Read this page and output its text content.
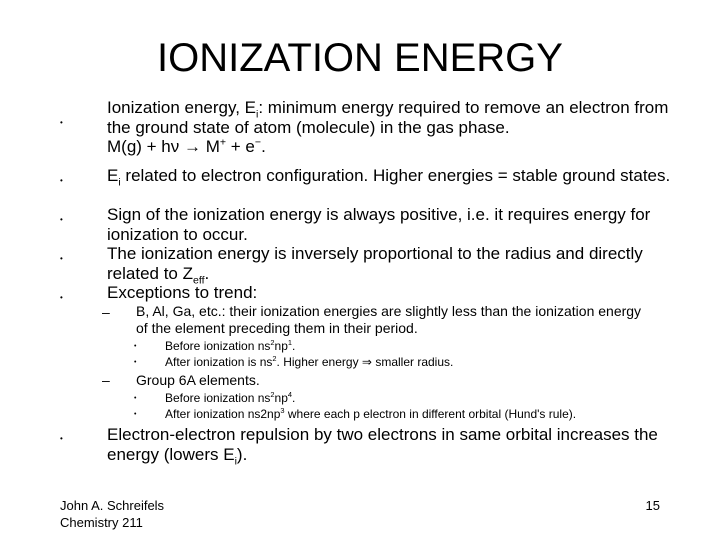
IONIZATION ENERGY
•
Ionization energy, $E_i$: minimum energy required to remove an electron from the ground state of atom (molecule) in the gas phase.
M(g) + hν → M+ + e−.
•	$E_i$ related to electron configuration. Higher energies = stable ground states.
•	Sign of the ionization energy is always positive, i.e. it requires energy for ionization to occur.
•	The ionization energy is inversely proportional to the radius and directly related to $Z_{eff}$.
•	Exceptions to trend:
– B, Al, Ga, etc.: their ionization energies are slightly less than the ionization energy of the element preceding them in their period.
• Before ionization $ns^2np^1$.
• After ionization is $ns^2$. Higher energy ⇒ smaller radius.
– Group 6A elements.
• Before ionization $ns^2np^4$.
• After ionization $ns2np^3$ where each p electron in different orbital (Hund's rule).
•	Electron-electron repulsion by two electrons in same orbital increases the energy (lowers $E_i$).
John A. Schreifels
Chemistry 211
15
